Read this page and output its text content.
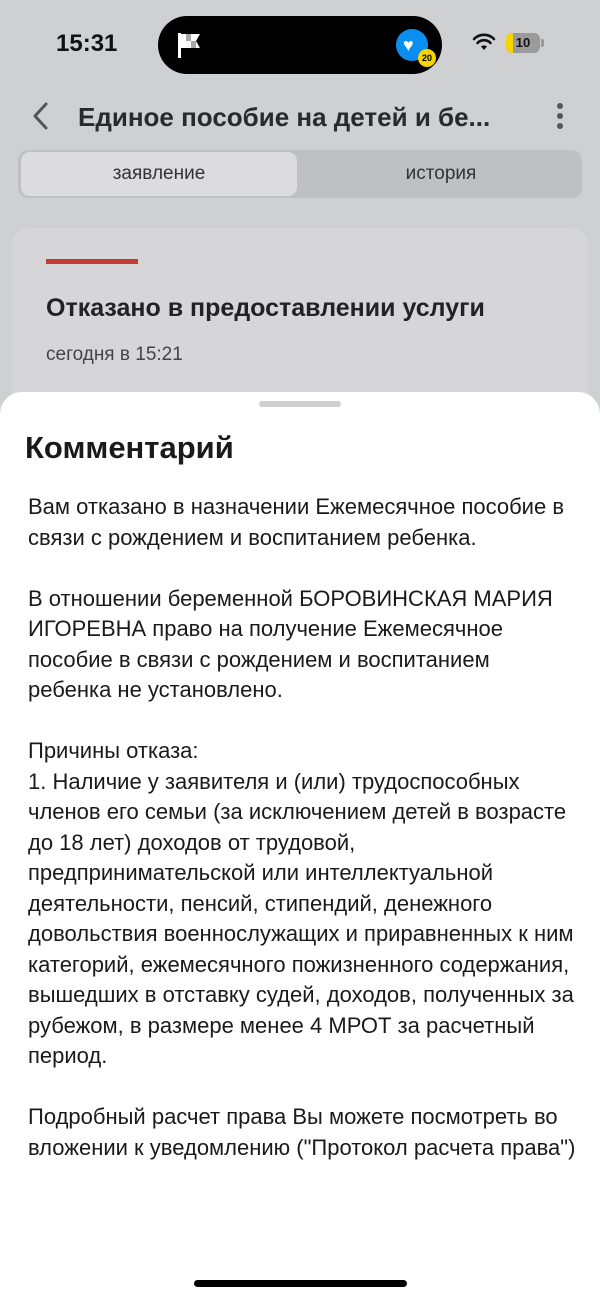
15:31	♥
20
10
Единое пособие на детей и бе...
заявление	история
Отказано в предоставлении услуги
сегодня в 15:21
Комментарий

Вам отказано в назначении Ежемесячное пособие в связи с рождением и воспитанием ребенка.

В отношении беременной БОРОВИНСКАЯ МАРИЯ ИГОРЕВНА право на получение Ежемесячное пособие в связи с рождением и воспитанием ребенка не установлено.

Причины отказа:
1. Наличие у заявителя и (или) трудоспособных членов его семьи (за исключением детей в возрасте до 18 лет) доходов от трудовой, предпринимательской или интеллектуальной деятельности, пенсий, стипендий, денежного довольствия военнослужащих и приравненных к ним категорий, ежемесячного пожизненного содержания, вышедших в отставку судей, доходов, полученных за рубежом, в размере менее 4 МРОТ за расчетный период.

Подробный расчет права Вы можете посмотреть во вложении к уведомлению ("Протокол расчета права")
